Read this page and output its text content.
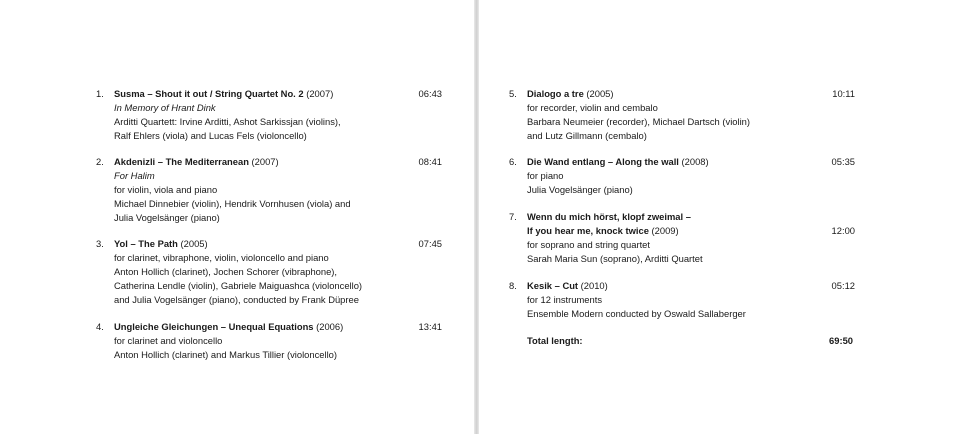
1.	Susma – Shout it out / String Quartet No. 2 (2007)
In Memory of Hrant Dink
Arditti Quartett: Irvine Arditti, Ashot Sarkissjan (violins),
Ralf Ehlers (viola) and Lucas Fels (violoncello)
06:43
2.	Akdenizli – The Mediterranean (2007)
For Halim
for violin, viola and piano
Michael Dinnebier (violin), Hendrik Vornhusen (viola) and
Julia Vogelsänger (piano)
08:41
3.	Yol – The Path (2005)
for clarinet, vibraphone, violin, violoncello and piano
Anton Hollich (clarinet), Jochen Schorer (vibraphone),
Catherina Lendle (violin), Gabriele Maiguashca (violoncello)
and Julia Vogelsänger (piano), conducted by Frank Düpree
07:45
4.	Ungleiche Gleichungen – Unequal Equations (2006)
for clarinet and violoncello
Anton Hollich (clarinet) and Markus Tillier (violoncello)
13:41
5.	Dialogo a tre (2005)
for recorder, violin and cembalo
Barbara Neumeier (recorder), Michael Dartsch (violin)
and Lutz Gillmann (cembalo)
10:11
6.	Die Wand entlang – Along the wall (2008)
for piano
Julia Vogelsänger (piano)
05:35
7.	Wenn du mich hörst, klopf zweimal –
If you hear me, knock twice (2009)
for soprano and string quartet
Sarah Maria Sun (soprano), Arditti Quartet
12:00
8.	Kesik – Cut (2010)
for 12 instruments
Ensemble Modern conducted by Oswald Sallaberger
05:12
Total length:	69:50
